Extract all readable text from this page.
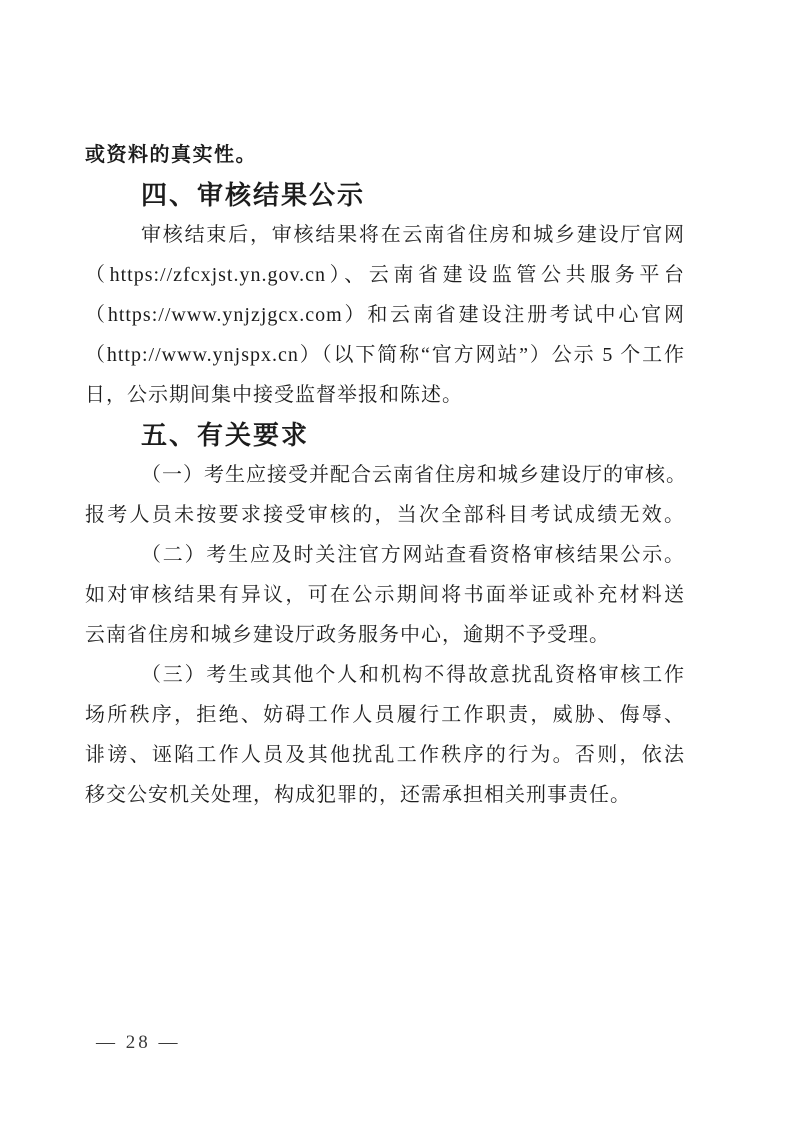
或资料的真实性。
四、审核结果公示
审核结束后，审核结果将在云南省住房和城乡建设厅官网
（https://zfcxjst.yn.gov.cn）、云南省建设监管公共服务平台
（https://www.ynjzjgcx.com）和云南省建设注册考试中心官网
（http://www.ynjspx.cn）（以下简称“官方网站”）公示 5 个工作
日，公示期间集中接受监督举报和陈述。
五、有关要求
（一）考生应接受并配合云南省住房和城乡建设厅的审核。
报考人员未按要求接受审核的，当次全部科目考试成绩无效。
（二）考生应及时关注官方网站查看资格审核结果公示。
如对审核结果有异议，可在公示期间将书面举证或补充材料送
云南省住房和城乡建设厅政务服务中心，逾期不予受理。
（三）考生或其他个人和机构不得故意扰乱资格审核工作
场所秩序，拒绝、妨碍工作人员履行工作职责，威胁、侮辱、
诽谤、诬陷工作人员及其他扰乱工作秩序的行为。否则，依法
移交公安机关处理，构成犯罪的，还需承担相关刑事责任。
— 28 —
